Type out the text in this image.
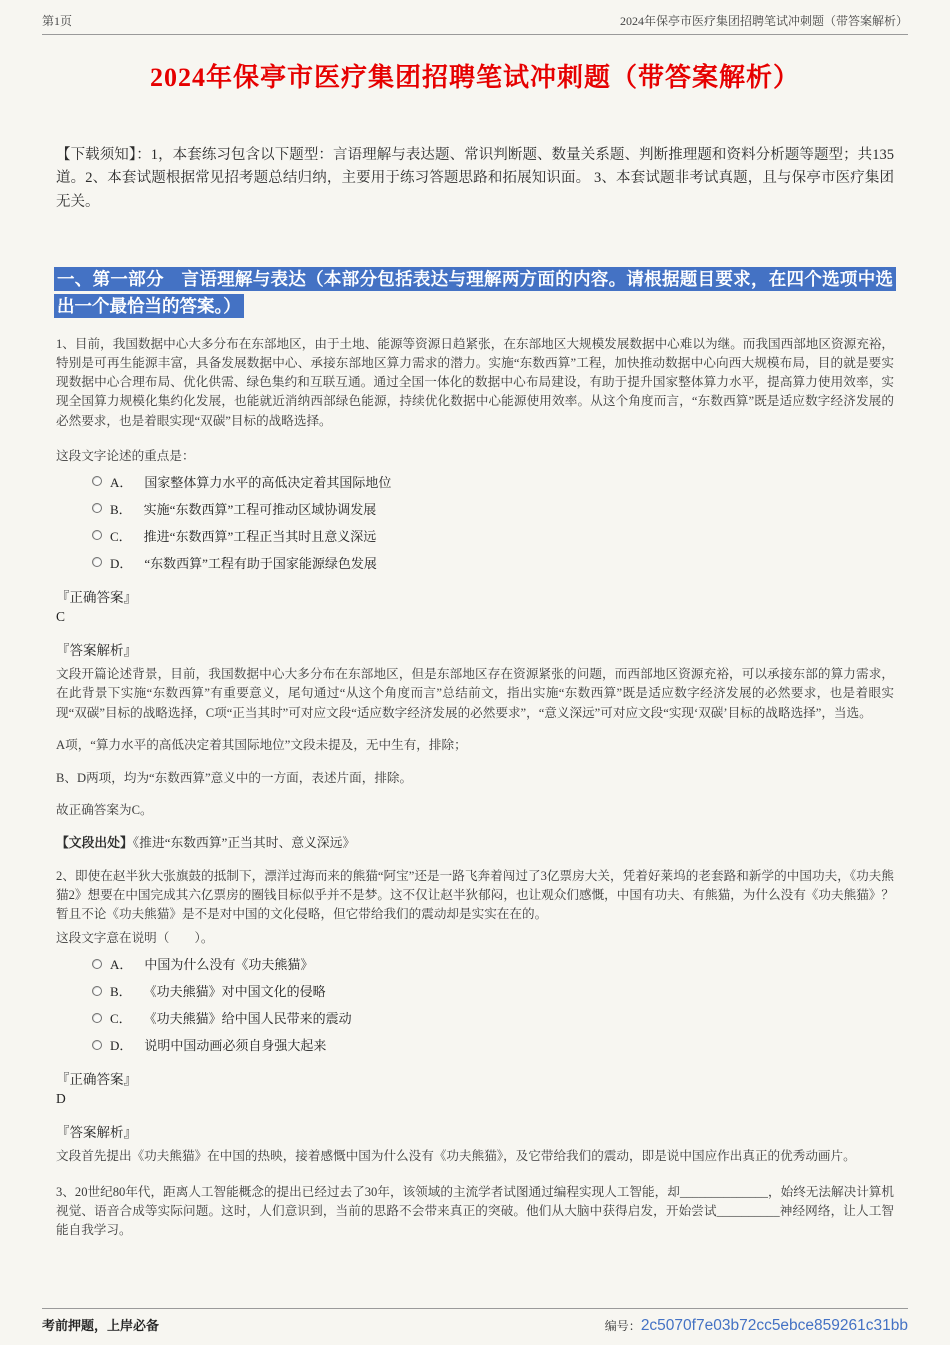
第1页	2024年保亭市医疗集团招聘笔试冲刺题（带答案解析）
2024年保亭市医疗集团招聘笔试冲刺题（带答案解析）

【下载须知】：1，本套练习包含以下题型：言语理解与表达题、常识判断题、数量关系题、判断推理题和资料分析题等题型；共135道。2、本套试题根据常见招考题总结归纳，主要用于练习答题思路和拓展知识面。 3、本套试题非考试真题，且与保亭市医疗集团无关。

一、第一部分　言语理解与表达（本部分包括表达与理解两方面的内容。请根据题目要求，在四个选项中选出一个最恰当的答案。）

1、目前，我国数据中心大多分布在东部地区，由于土地、能源等资源日趋紧张，在东部地区大规模发展数据中心难以为继。而我国西部地区资源充裕，特别是可再生能源丰富，具备发展数据中心、承接东部地区算力需求的潜力。实施“东数西算”工程，加快推动数据中心向西大规模布局，目的就是要实现数据中心合理布局、优化供需、绿色集约和互联互通。通过全国一体化的数据中心布局建设，有助于提升国家整体算力水平，提高算力使用效率，实现全国算力规模化集约化发展，也能就近消纳西部绿色能源，持续优化数据中心能源使用效率。从这个角度而言，“东数西算”既是适应数字经济发展的必然要求，也是着眼实现“双碳”目标的战略选择。

这段文字论述的重点是：

A． 国家整体算力水平的高低决定着其国际地位
B． 实施“东数西算”工程可推动区域协调发展
C． 推进“东数西算”工程正当其时且意义深远
D． “东数西算”工程有助于国家能源绿色发展

『正确答案』

C

『答案解析』

文段开篇论述背景，目前，我国数据中心大多分布在东部地区，但是东部地区存在资源紧张的问题，而西部地区资源充裕，可以承接东部的算力需求，在此背景下实施“东数西算”有重要意义，尾句通过“从这个角度而言”总结前文，指出实施“东数西算”既是适应数字经济发展的必然要求，也是着眼实现“双碳”目标的战略选择，C项“正当其时”可对应文段“适应数字经济发展的必然要求”，“意义深远”可对应文段“实现‘双碳’目标的战略选择”，当选。

A项，“算力水平的高低决定着其国际地位”文段未提及，无中生有，排除；

B、D两项，均为“东数西算”意义中的一方面，表述片面，排除。

故正确答案为C。

【文段出处】《推进“东数西算”正当其时、意义深远》

2、即使在赵半狄大张旗鼓的抵制下，漂洋过海而来的熊猫“阿宝”还是一路飞奔着闯过了3亿票房大关，凭着好莱坞的老套路和新学的中国功夫，《功夫熊猫2》想要在中国完成其六亿票房的圈钱目标似乎并不是梦。这不仅让赵半狄郁闷，也让观众们感慨，中国有功夫、有熊猫，为什么没有《功夫熊猫》？暂且不论《功夫熊猫》是不是对中国的文化侵略，但它带给我们的震动却是实实在在的。

这段文字意在说明（　　）。

A． 中国为什么没有《功夫熊猫》
B． 《功夫熊猫》对中国文化的侵略
C． 《功夫熊猫》给中国人民带来的震动
D． 说明中国动画必须自身强大起来

『正确答案』

D

『答案解析』

文段首先提出《功夫熊猫》在中国的热映，接着感慨中国为什么没有《功夫熊猫》，及它带给我们的震动，即是说中国应作出真正的优秀动画片。

3、20世纪80年代，距离人工智能概念的提出已经过去了30年，该领域的主流学者试图通过编程实现人工智能，却______________，始终无法解决计算机视觉、语音合成等实际问题。这时，人们意识到，当前的思路不会带来真正的突破。他们从大脑中获得启发，开始尝试__________神经网络，让人工智能自我学习。

考前押题，上岸必备	编号：2c5070f7e03b72cc5ebce859261c31bb
